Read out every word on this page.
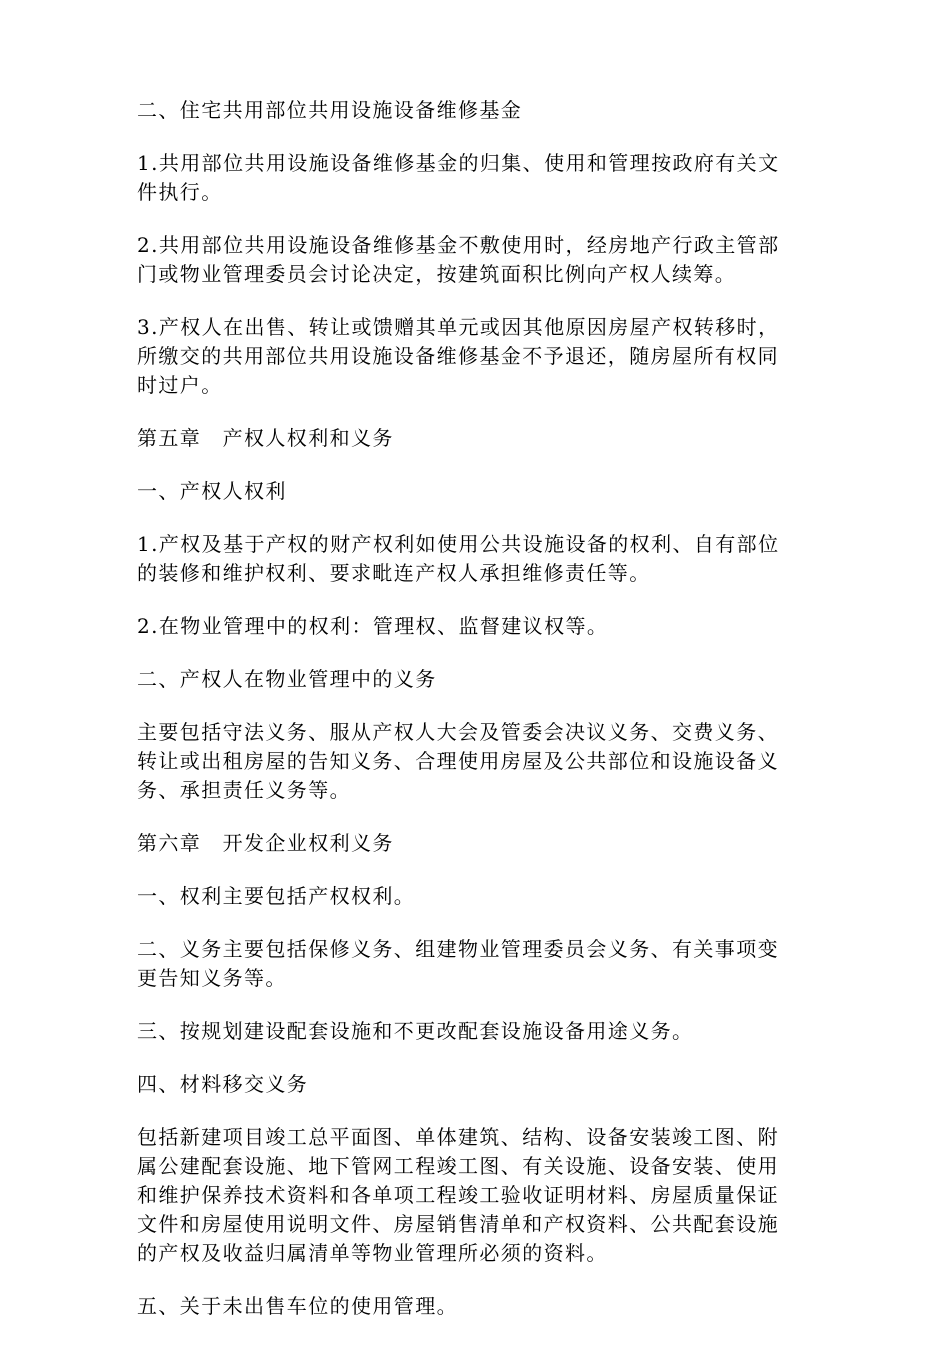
二、住宅共用部位共用设施设备维修基金

1.共用部位共用设施设备维修基金的归集、使用和管理按政府有关文
件执行。

2.共用部位共用设施设备维修基金不敷使用时，经房地产行政主管部
门或物业管理委员会讨论决定，按建筑面积比例向产权人续筹。

3.产权人在出售、转让或馈赠其单元或因其他原因房屋产权转移时，
所缴交的共用部位共用设施设备维修基金不予退还，随房屋所有权同
时过户。

第五章　产权人权利和义务

一、产权人权利

1.产权及基于产权的财产权利如使用公共设施设备的权利、自有部位
的装修和维护权利、要求毗连产权人承担维修责任等。

2.在物业管理中的权利：管理权、监督建议权等。

二、产权人在物业管理中的义务

主要包括守法义务、服从产权人大会及管委会决议义务、交费义务、
转让或出租房屋的告知义务、合理使用房屋及公共部位和设施设备义
务、承担责任义务等。

第六章　开发企业权利义务

一、权利主要包括产权权利。

二、义务主要包括保修义务、组建物业管理委员会义务、有关事项变
更告知义务等。

三、按规划建设配套设施和不更改配套设施设备用途义务。

四、材料移交义务

包括新建项目竣工总平面图、单体建筑、结构、设备安装竣工图、附
属公建配套设施、地下管网工程竣工图、有关设施、设备安装、使用
和维护保养技术资料和各单项工程竣工验收证明材料、房屋质量保证
文件和房屋使用说明文件、房屋销售清单和产权资料、公共配套设施
的产权及收益归属清单等物业管理所必须的资料。

五、关于未出售车位的使用管理。
